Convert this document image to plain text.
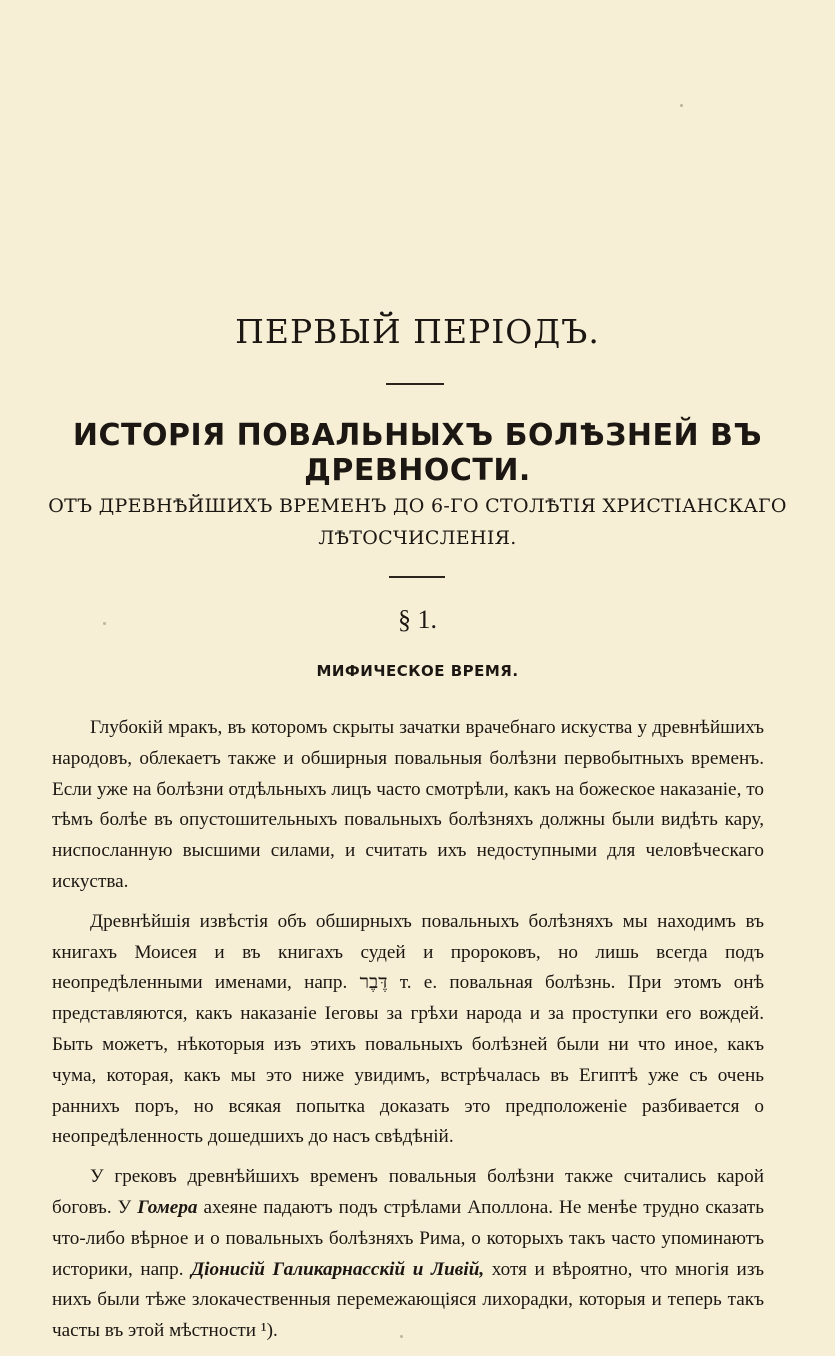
ПЕРВЫЙ ПЕРІОДЪ.
ИСТОРІЯ ПОВАЛЬНЫХЪ БОЛѢЗНЕЙ ВЪ ДРЕВНОСТИ.
ОТЪ ДРЕВНѢЙШИХЪ ВРЕМЕНЪ ДО 6-ГО СТОЛѢТІЯ ХРИСТІАНСКАГО
ЛѢТОСЧИСЛЕНІЯ.
§ 1.
МИФИЧЕСКОЕ ВРЕМЯ.

Глубокій мракъ, въ которомъ скрыты зачатки врачебнаго искуства у древнѣйшихъ народовъ, облекаетъ также и обширныя повальныя болѣзни первобытныхъ временъ. Если уже на болѣзни отдѣльныхъ лицъ часто смотрѣли, какъ на божеское наказаніе, то тѣмъ болѣе въ опустошительныхъ повальныхъ болѣзняхъ должны были видѣть кару, ниспосланную высшими силами, и считать ихъ недоступными для человѣческаго искуства.

Древнѣйшія извѣстія объ обширныхъ повальныхъ болѣзняхъ мы находимъ въ книгахъ Моисея и въ книгахъ судей и пророковъ, но лишь всегда подъ неопредѣленными именами, напр. דֶּבֶר т. е. повальная болѣзнь. При этомъ онѣ представляются, какъ наказаніе Іеговы за грѣхи народа и за проступки его вождей. Быть можетъ, нѣкоторыя изъ этихъ повальныхъ болѣзней были ни что иное, какъ чума, которая, какъ мы это ниже увидимъ, встрѣчалась въ Египтѣ уже съ очень раннихъ поръ, но всякая попытка доказать это предположеніе разбивается о неопредѣленность дошедшихъ до насъ свѣдѣній.

У грековъ древнѣйшихъ временъ повальныя болѣзни также считались карой боговъ. У Гомера ахеяне падаютъ подъ стрѣлами Аполлона. Не менѣе трудно сказать что-либо вѣрное и о повальныхъ болѣзняхъ Рима, о которыхъ такъ часто упоминаютъ историки, напр. Діонисій Галикарнасскій и Ливій, хотя и вѣроятно, что многія изъ нихъ были тѣже злокачественныя перемежающіяся лихорадки, которыя и теперь такъ часты въ этой мѣстности ¹).
